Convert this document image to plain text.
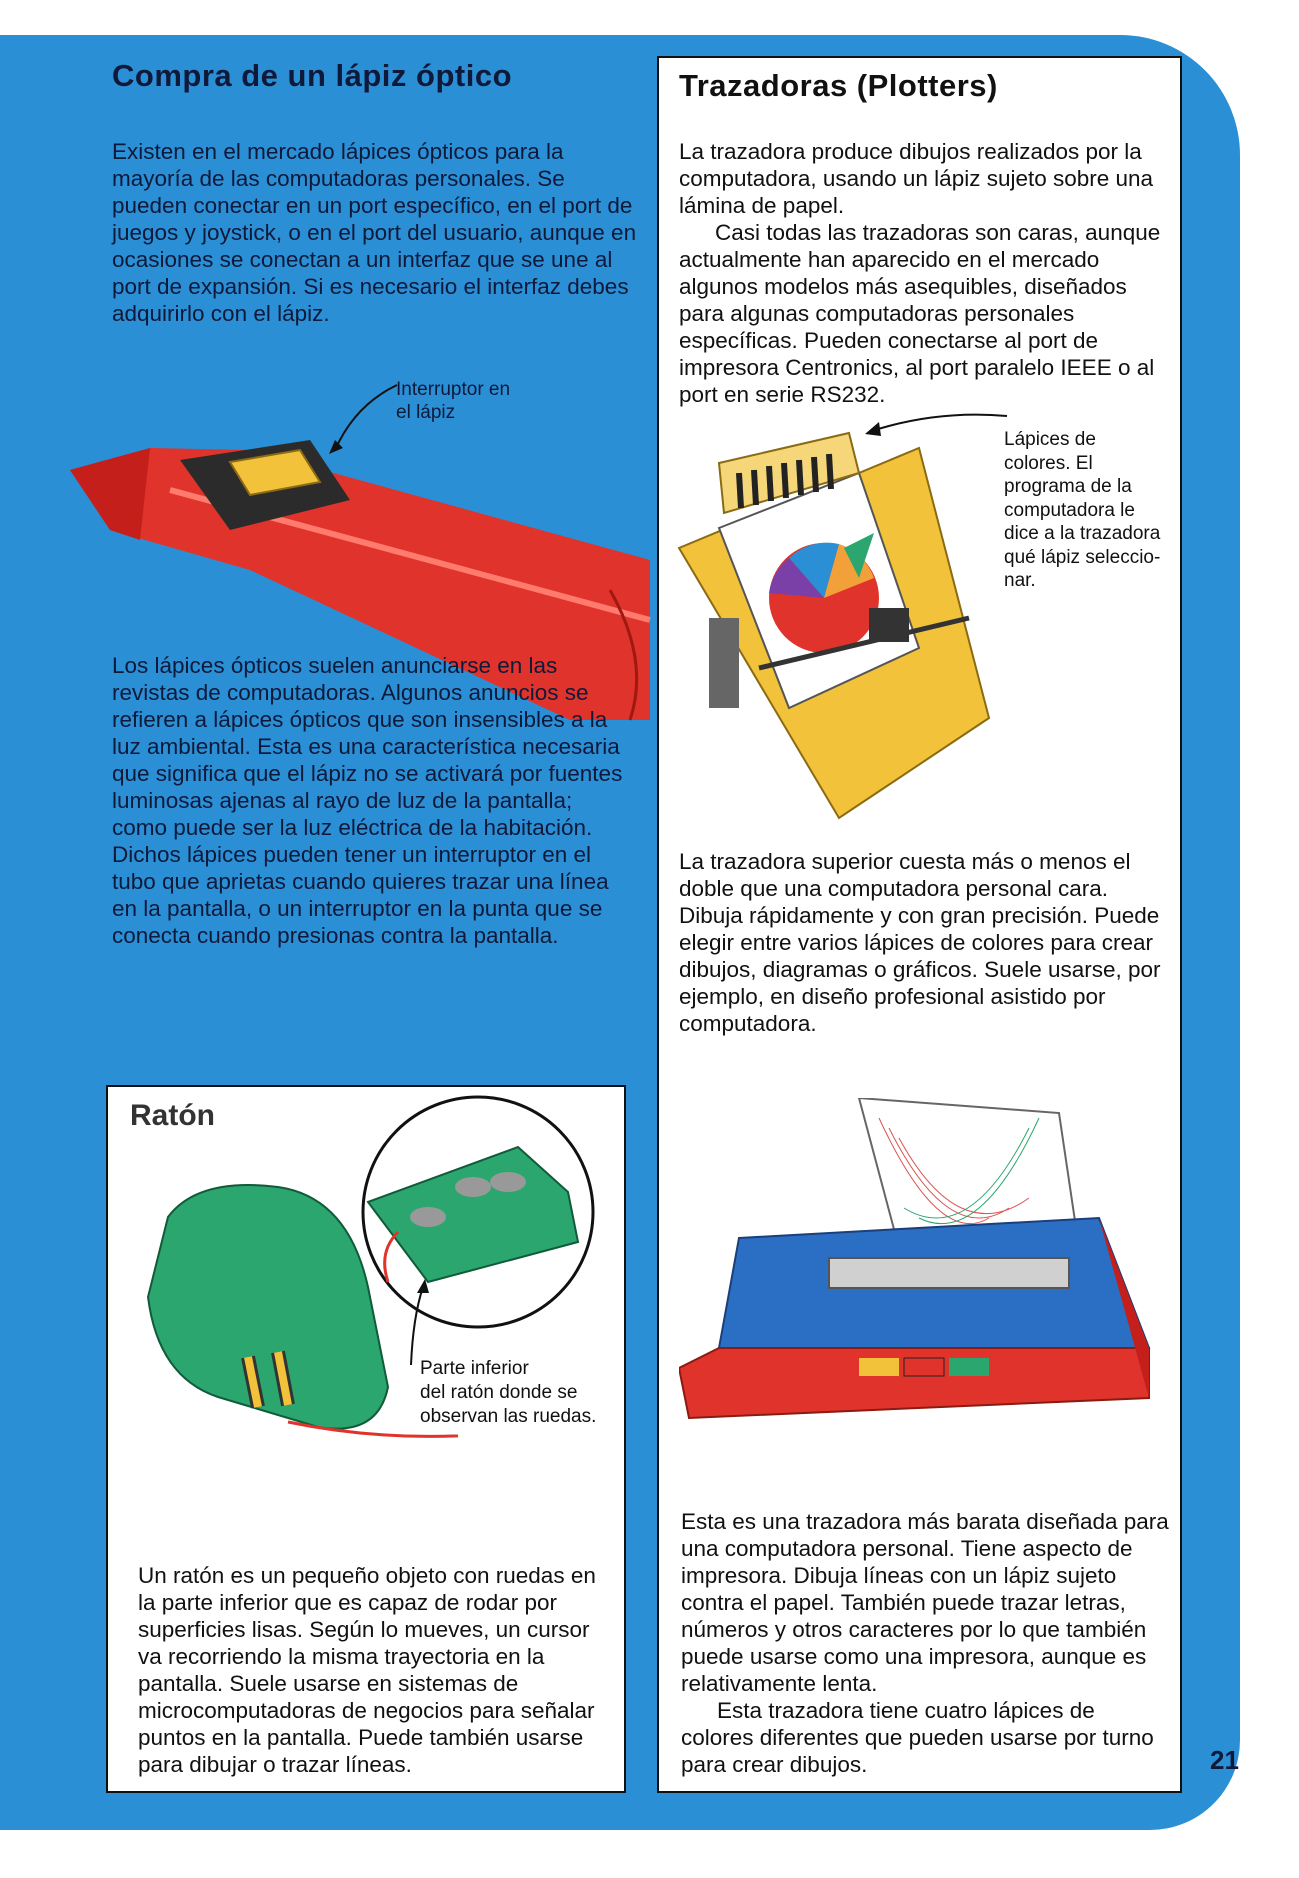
Compra de un lápiz óptico

Existen en el mercado lápices ópticos para la mayoría de las computadoras personales. Se pueden conectar en un port específico, en el port de juegos y joystick, o en el port del usuario, aunque en ocasiones se conectan a un interfaz que se une al port de expansión. Si es necesario el interfaz debes adquirirlo con el lápiz.

Interruptor en
el lápiz

Los lápices ópticos suelen anunciarse en las revistas de computadoras. Algunos anuncios se refieren a lápices ópticos que son insensibles a la luz ambiental. Esta es una característica necesaria que significa que el lápiz no se activará por fuentes luminosas ajenas al rayo de luz de la pantalla; como puede ser la luz eléctrica de la habitación. Dichos lápices pueden tener un interruptor en el tubo que aprietas cuando quieres trazar una línea en la pantalla, o un interruptor en la punta que se conecta cuando presionas contra la pantalla.

Trazadoras (Plotters)

La trazadora produce dibujos realizados por la computadora, usando un lápiz sujeto sobre una lámina de papel.

Casi todas las trazadoras son caras, aunque actualmente han aparecido en el mercado algunos modelos más asequibles, diseñados para algunas computadoras personales específicas. Pueden conectarse al port de impresora Centronics, al port paralelo IEEE o al port en serie RS232.

Lápices de colores. El programa de la computadora le dice a la trazadora qué lápiz seleccio-nar.

La trazadora superior cuesta más o menos el doble que una computadora personal cara. Dibuja rápidamente y con gran precisión. Puede elegir entre varios lápices de colores para crear dibujos, diagramas o gráficos. Suele usarse, por ejemplo, en diseño profesional asistido por computadora.

Esta es una trazadora más barata diseñada para una computadora personal. Tiene aspecto de impresora. Dibuja líneas con un lápiz sujeto contra el papel. También puede trazar letras, números y otros caracteres por lo que también puede usarse como una impresora, aunque es relativamente lenta.

Esta trazadora tiene cuatro lápices de colores diferentes que pueden usarse por turno para crear dibujos.

Ratón
Parte inferior
del ratón donde se
observan las ruedas.

Un ratón es un pequeño objeto con ruedas en la parte inferior que es capaz de rodar por superficies lisas. Según lo mueves, un cursor va recorriendo la misma trayectoria en la pantalla. Suele usarse en sistemas de microcomputadoras de negocios para señalar puntos en la pantalla. Puede también usarse para dibujar o trazar líneas.	21
